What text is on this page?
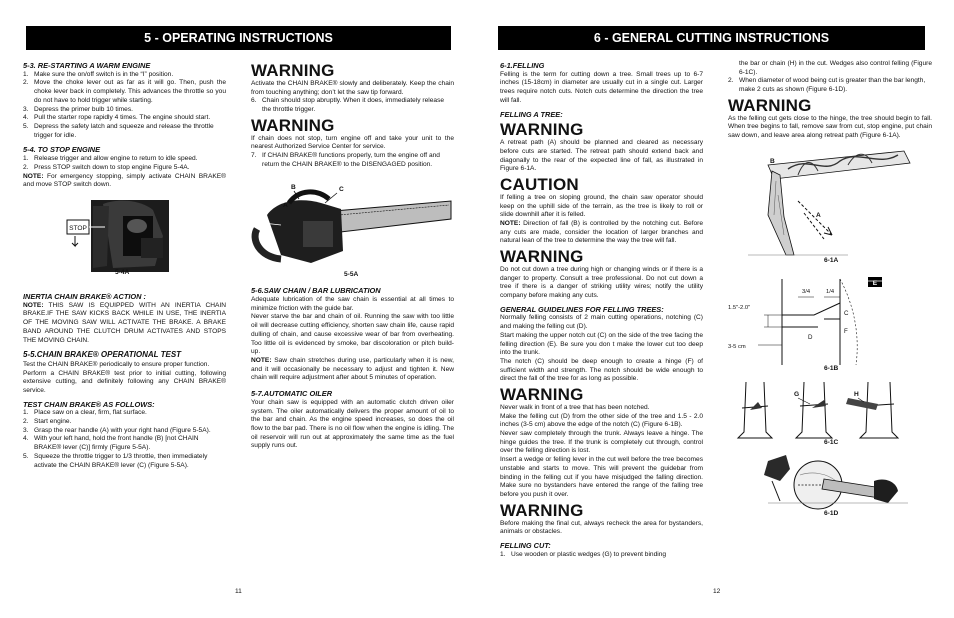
5 - OPERATING INSTRUCTIONS
5-3. RE-STARTING A WARM ENGINE
1. Make sure the on/off switch is in the “I” position.
2. Move the choke lever out as far as it will go. Then, push the choke lever back in completely. This advances the throttle so you do not have to hold trigger while starting.
3. Depress the primer bulb 10 times.
4. Pull the starter rope rapidly 4 times. The engine should start.
5. Depress the safety latch and squeeze and release the throttle trigger for idle.
5-4. TO STOP ENGINE
1. Release trigger and allow engine to return to idle speed.
2. Press STOP switch down to stop engine Figure 5-4A.

NOTE: For emergency stopping, simply activate CHAIN BRAKE® and move STOP switch down.

STOP
5-4A
INERTIA CHAIN BRAKE® ACTION :

NOTE: THIS SAW IS EQUIPPED WITH AN INERTIA CHAIN BRAKE.IF THE SAW KICKS BACK WHILE IN USE, THE INERTIA OF THE MOVING SAW WILL ACTIVATE THE BRAKE. A BRAKE BAND AROUND THE CLUTCH DRUM ACTIVATES AND STOPS THE MOVING CHAIN.

5-5.CHAIN BRAKE® OPERATIONAL TEST

Test the CHAIN BRAKE® periodically to ensure proper function.

Perform a CHAIN BRAKE® test prior to initial cutting, following extensive cutting, and definitely following any CHAIN BRAKE® service.

TEST CHAIN BRAKE® AS FOLLOWS:
1. Place saw on a clear, firm, flat surface.
2. Start engine.
3. Grasp the rear handle (A) with your right hand (Figure 5-5A).
4. With your left hand, hold the front handle (B) [not CHAIN BRAKE® lever (C)] firmly (Figure 5-5A).
5. Squeeze the throttle trigger to 1/3 throttle, then immediately activate the CHAIN BRAKE® lever (C) (Figure 5-5A).
WARNING

Activate the CHAIN BRAKE® slowly and deliberately. Keep the chain from touching anything; don’t let the saw tip forward.

6. Chain should stop abruptly. When it does, immediately release the throttle trigger.
WARNING

If chain does not stop, turn engine off and take your unit to the nearest Authorized Service Center for service.

7. If CHAIN BRAKE® functions properly, turn the engine off and return the CHAIN BRAKE® to the DISENGAGED position.
A
B	C
5-5A
5-6.SAW CHAIN / BAR LUBRICATION

Adequate lubrication of the saw chain is essential at all times to minimize friction with the guide bar.

Never starve the bar and chain of oil. Running the saw with too little oil will decrease cutting efficiency, shorten saw chain life, cause rapid dulling of chain, and cause excessive wear of bar from overheating. Too little oil is evidenced by smoke, bar discoloration or pitch build-up.

NOTE: Saw chain stretches during use, particularly when it is new, and it will occasionally be necessary to adjust and tighten it. New chain will require adjustment after about 5 minutes of operation.

5-7.AUTOMATIC OILER

Your chain saw is equipped with an automatic clutch driven oiler system. The oiler automatically delivers the proper amount of oil to the bar and chain. As the engine speed increases, so does the oil flow to the bar pad. There is no oil flow when the engine is idling. The oil reservoir will run out at approximately the same time as the fuel supply runs out.

11
6 - GENERAL CUTTING INSTRUCTIONS
6-1.FELLING

Felling is the term for cutting down a tree. Small trees up to 6-7 inches (15-18cm) in diameter are usually cut in a single cut. Larger trees require notch cuts. Notch cuts determine the direction the tree will fall.

FELLING A TREE:
WARNING

A retreat path (A) should be planned and cleared as necessary before cuts are started. The retreat path should extend back and diagonally to the rear of the expected line of fall, as illustrated in Figure 6-1A.

CAUTION

If felling a tree on sloping ground, the chain saw operator should keep on the uphill side of the terrain, as the tree is likely to roll or slide downhill after it is felled.

NOTE: Direction of fall (B) is controlled by the notching cut. Before any cuts are made, consider the location of larger branches and natural lean of the tree to determine the way the tree will fall.

WARNING

Do not cut down a tree during high or changing winds or if there is a danger to property. Consult a tree professional. Do not cut down a tree if there is a danger of striking utility wires; notify the utility company before making any cuts.

GENERAL GUIDELINES FOR FELLING TREES:

Normally felling consists of 2 main cutting operations, notching (C) and making the felling cut (D).

Start making the upper notch cut (C) on the side of the tree facing the felling direction (E). Be sure you don t make the lower cut too deep into the trunk.

The notch (C) should be deep enough to create a hinge (F) of sufficient width and strength. The notch should be wide enough to direct the fall of the tree for as long as possible.

WARNING

Never walk in front of a tree that has been notched.

Make the felling cut (D) from the other side of the tree and 1.5 - 2.0 inches (3-5 cm) above the edge of the notch (C) (Figure 6-1B).

Never saw completely through the trunk. Always leave a hinge. The hinge guides the tree. If the trunk is completely cut through, control over the felling direction is lost.

Insert a wedge or felling lever in the cut well before the tree becomes unstable and starts to move. This will prevent the guidebar from binding in the felling cut if you have misjudged the falling direction. Make sure no bystanders have entered the range of the falling tree before you push it over.

WARNING

Before making the final cut, always recheck the area for bystanders, animals or obstacles.

FELLING CUT:
1. Use wooden or plastic wedges (G) to prevent binding

the bar or chain (H) in the cut. Wedges also control felling (Figure 6-1C).

2. When diameter of wood being cut is greater than the bar length, make 2 cuts as shown (Figure 6-1D).
WARNING

As the felling cut gets close to the hinge, the tree should begin to fall. When tree begins to fall, remove saw from cut, stop engine, put chain saw down, and leave area along retreat path (Figure 6-1A).

B
A
6-1A
E
1.5"-2.0"
3-5 cm
3/4	1/4
C
D
F
6-1B
G	H
6-1C
6-1D
12
